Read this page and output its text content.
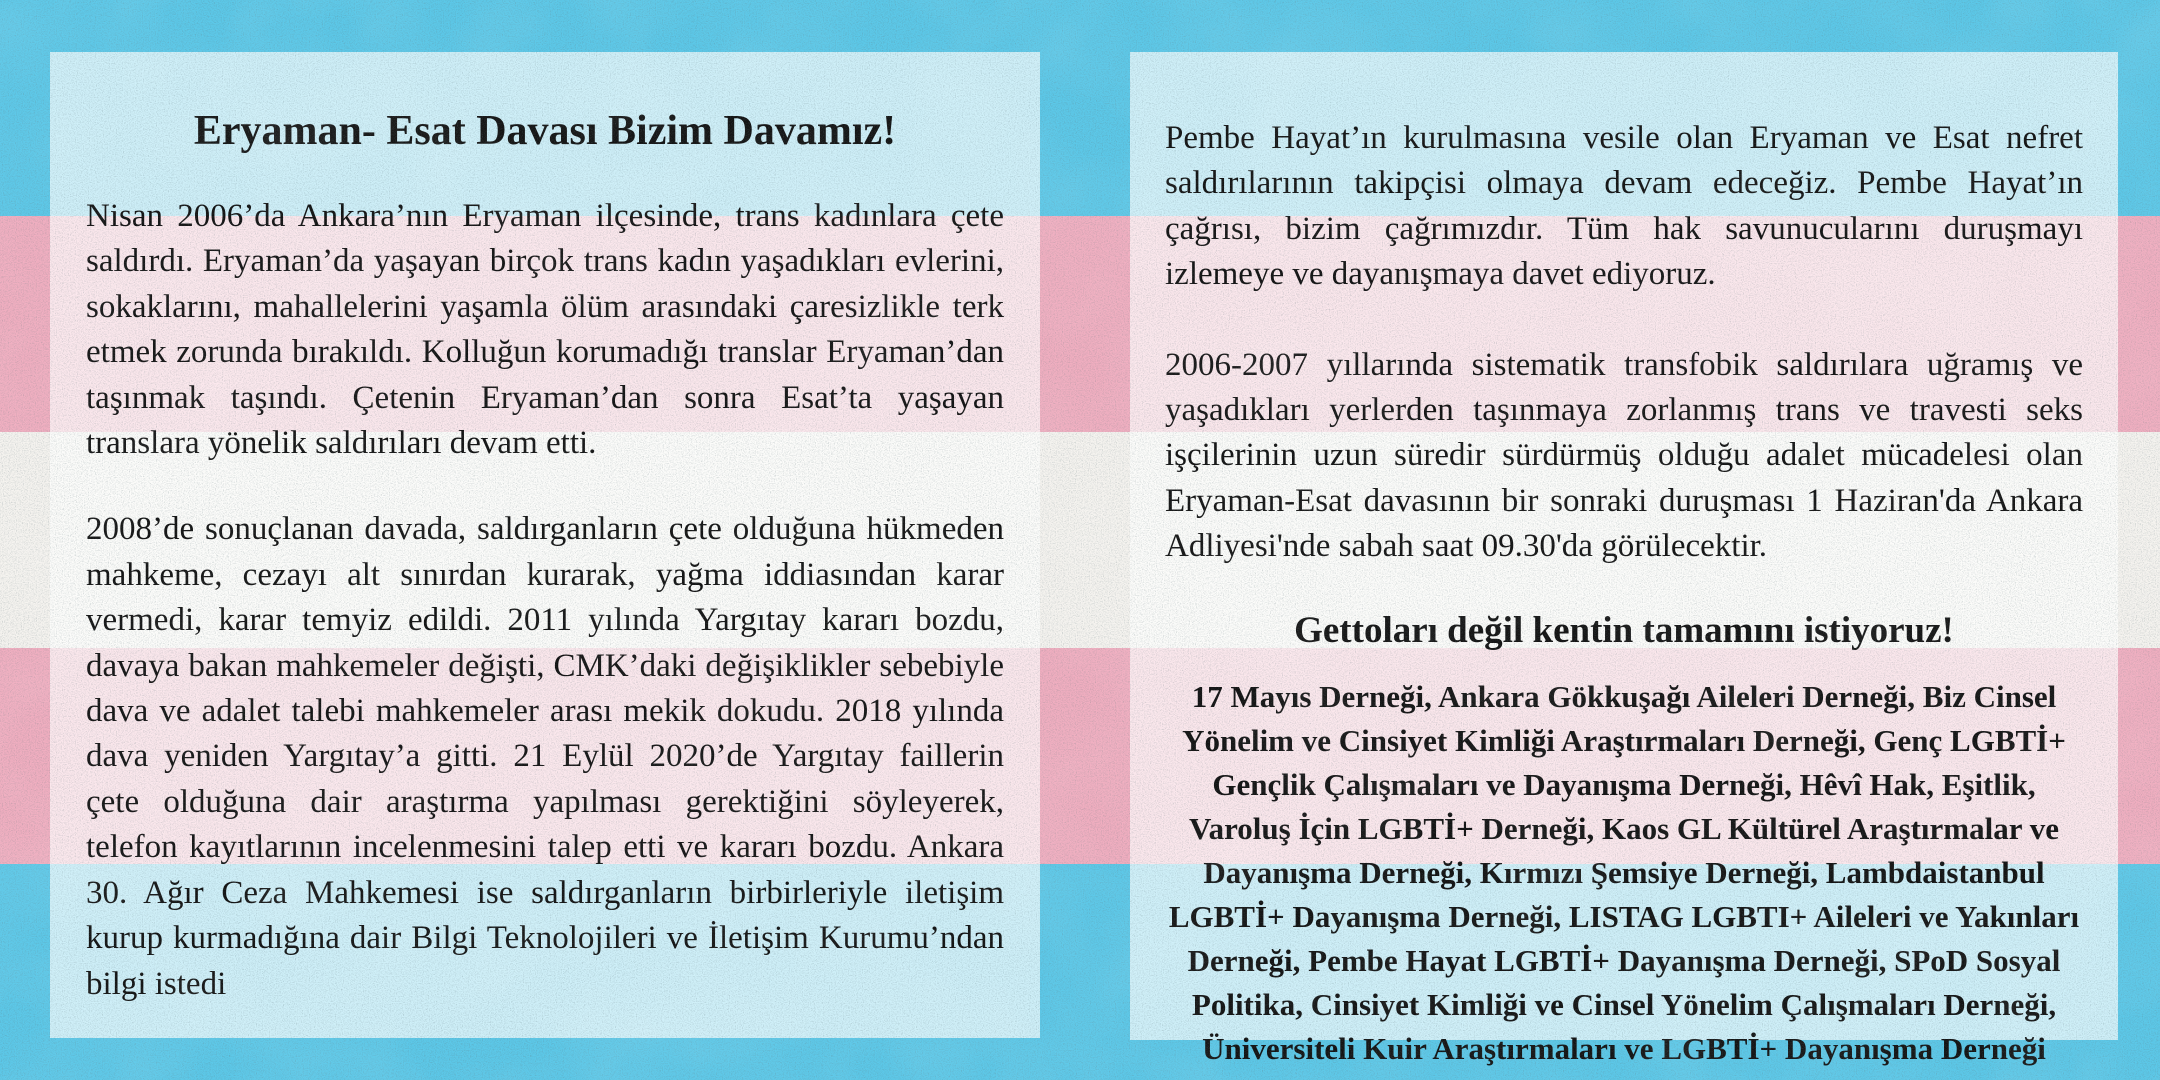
Eryaman- Esat Davası Bizim Davamız!

Nisan 2006’da Ankara’nın Eryaman ilçesinde, trans kadınlara çete saldırdı. Eryaman’da yaşayan birçok trans kadın yaşadıkları evlerini, sokaklarını, mahallelerini yaşamla ölüm arasındaki çaresizlikle terk etmek zorunda bırakıldı. Kolluğun korumadığı translar Eryaman’dan taşınmak taşındı. Çetenin Eryaman’dan sonra Esat’ta yaşayan translara yönelik saldırıları devam etti.

2008’de sonuçlanan davada, saldırganların çete olduğuna hükmeden mahkeme, cezayı alt sınırdan kurarak, yağma iddiasından karar vermedi, karar temyiz edildi. 2011 yılında Yargıtay kararı bozdu, davaya bakan mahkemeler değişti, CMK’daki değişiklikler sebebiyle dava ve adalet talebi mahkemeler arası mekik dokudu. 2018 yılında dava yeniden Yargıtay’a gitti. 21 Eylül 2020’de Yargıtay faillerin çete olduğuna dair araştırma yapılması gerektiğini söyleyerek, telefon kayıtlarının incelenmesini talep etti ve kararı bozdu. Ankara 30. Ağır Ceza Mahkemesi ise saldırganların birbirleriyle iletişim kurup kurmadığına dair Bilgi Teknolojileri ve İletişim Kurumu’ndan bilgi istedi

Pembe Hayat’ın kurulmasına vesile olan Eryaman ve Esat nefret saldırılarının takipçisi olmaya devam edeceğiz. Pembe Hayat’ın çağrısı, bizim çağrımızdır. Tüm hak savunucularını duruşmayı izlemeye ve dayanışmaya davet ediyoruz.

2006-2007 yıllarında sistematik transfobik saldırılara uğramış ve yaşadıkları yerlerden taşınmaya zorlanmış trans ve travesti seks işçilerinin uzun süredir sürdürmüş olduğu adalet mücadelesi olan Eryaman-Esat davasının bir sonraki duruşması 1 Haziran'da Ankara Adliyesi'nde sabah saat 09.30'da görülecektir.

Gettoları değil kentin tamamını istiyoruz!

17 Mayıs Derneği, Ankara Gökkuşağı Aileleri Derneği, Biz Cinsel Yönelim ve Cinsiyet Kimliği Araştırmaları Derneği, Genç LGBTİ+ Gençlik Çalışmaları ve Dayanışma Derneği, Hêvî Hak, Eşitlik, Varoluş İçin LGBTİ+ Derneği, Kaos GL Kültürel Araştırmalar ve Dayanışma Derneği, Kırmızı Şemsiye Derneği, Lambdaistanbul LGBTİ+ Dayanışma Derneği, LISTAG LGBTI+ Aileleri ve Yakınları Derneği, Pembe Hayat LGBTİ+ Dayanışma Derneği, SPoD Sosyal Politika, Cinsiyet Kimliği ve Cinsel Yönelim Çalışmaları Derneği, Üniversiteli Kuir Araştırmaları ve LGBTİ+ Dayanışma Derneği
